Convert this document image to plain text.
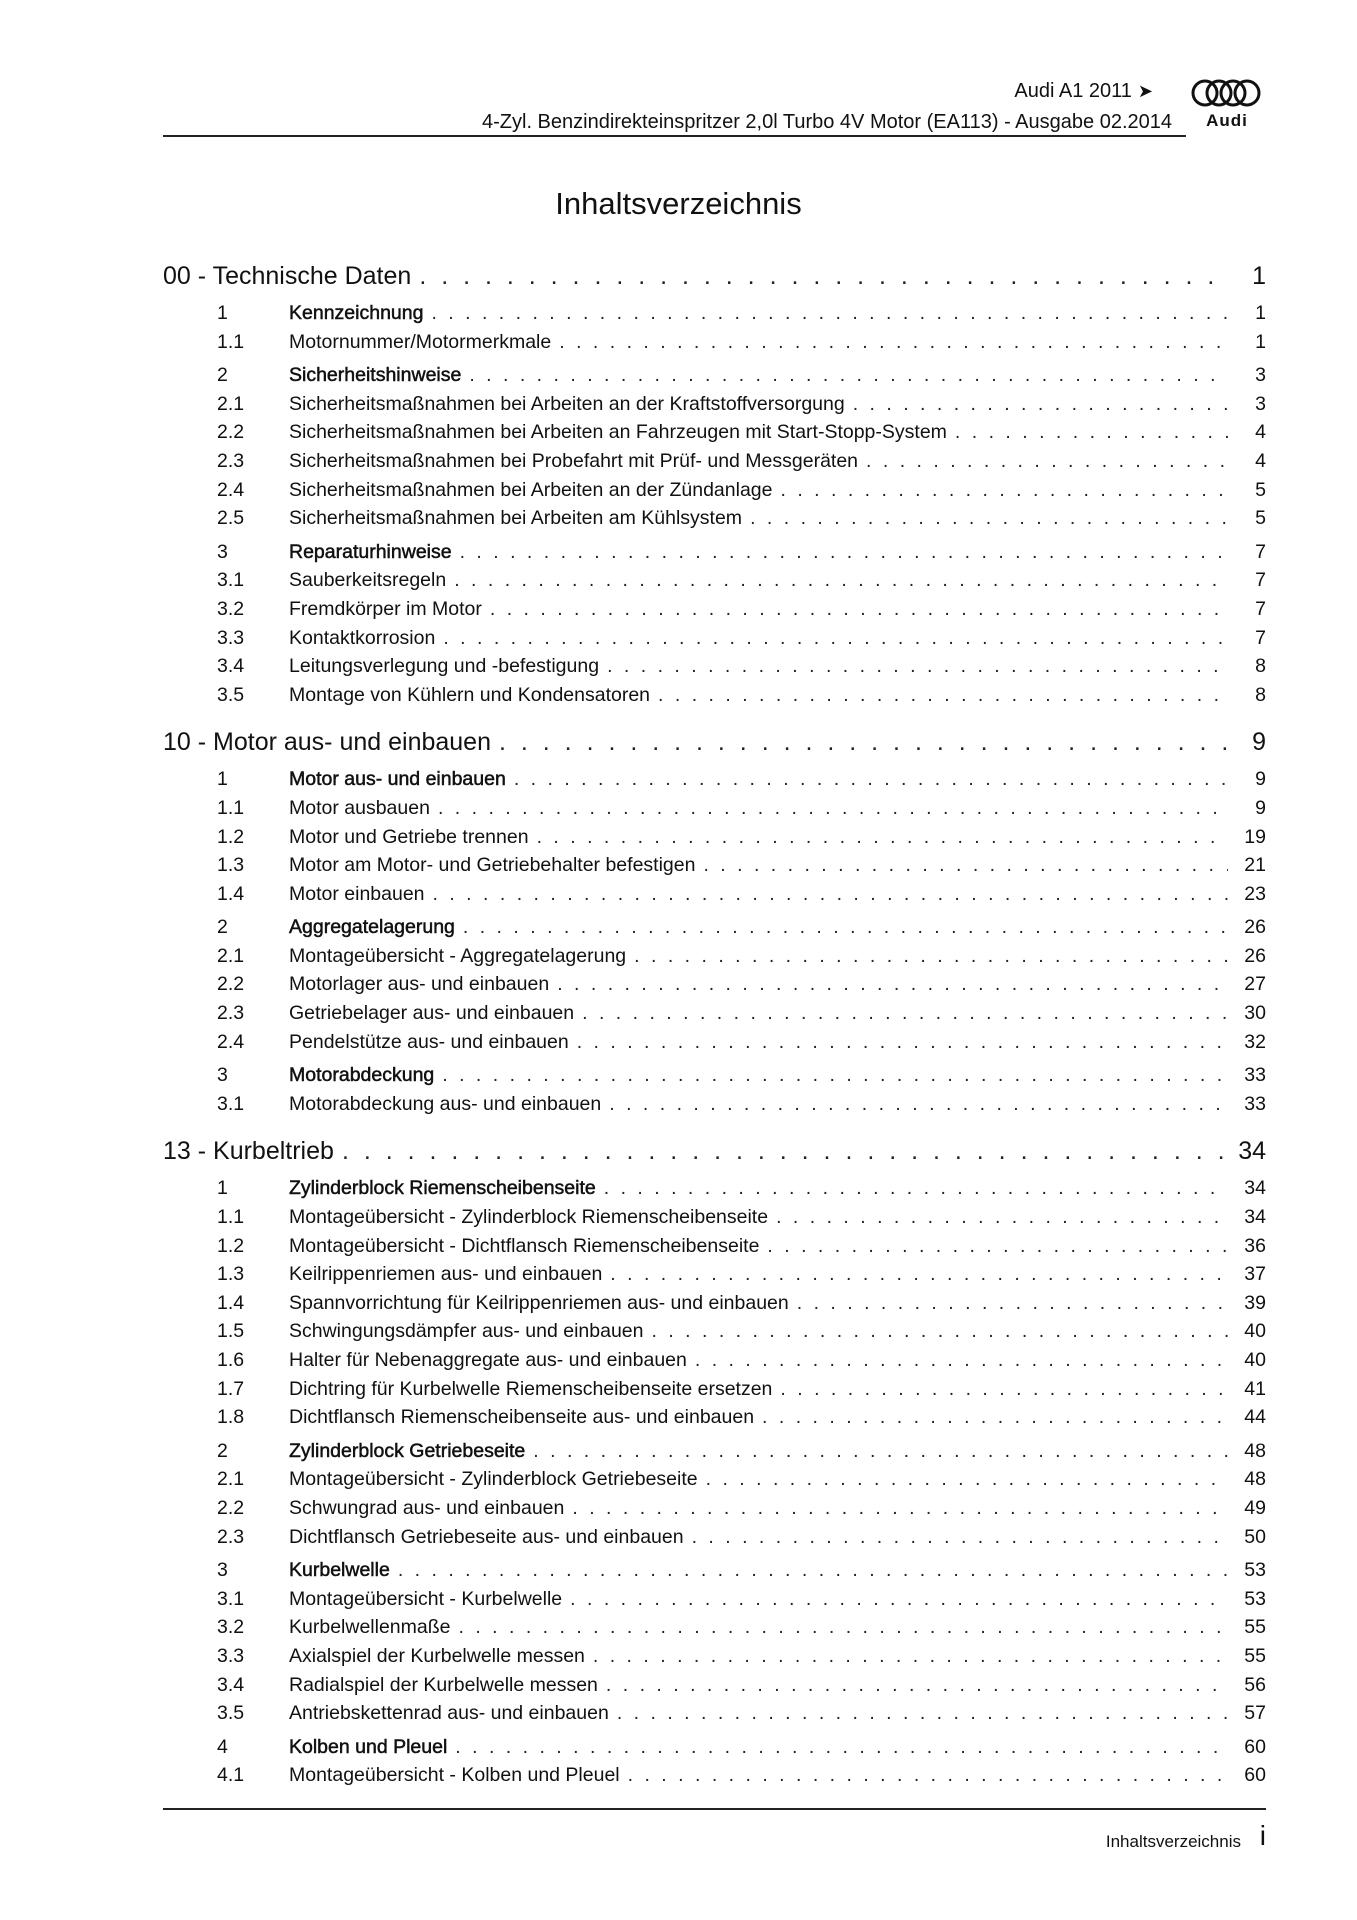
Audi A1 2011 ➤
4-Zyl. Benzindirekteinspritzer 2,0l Turbo 4V Motor (EA113) - Ausgabe 02.2014	Audi
Inhaltsverzeichnis
00 - Technische Daten . . .	1
1	Kennzeichnung . . .	1
1.1	Motornummer/Motormerkmale . . .	1
2	Sicherheitshinweise . . .	3
2.1	Sicherheitsmaßnahmen bei Arbeiten an der Kraftstoffversorgung . . .	3
2.2	Sicherheitsmaßnahmen bei Arbeiten an Fahrzeugen mit Start-Stopp-System . . .	4
2.3	Sicherheitsmaßnahmen bei Probefahrt mit Prüf- und Messgeräten . . .	4
2.4	Sicherheitsmaßnahmen bei Arbeiten an der Zündanlage . . .	5
2.5	Sicherheitsmaßnahmen bei Arbeiten am Kühlsystem . . .	5
3	Reparaturhinweise . . .	7
3.1	Sauberkeitsregeln . . .	7
3.2	Fremdkörper im Motor . . .	7
3.3	Kontaktkorrosion . . .	7
3.4	Leitungsverlegung und -befestigung . . .	8
3.5	Montage von Kühlern und Kondensatoren . . .	8
10 - Motor aus- und einbauen . . .	9
1	Motor aus- und einbauen . . .	9
1.1	Motor ausbauen . . .	9
1.2	Motor und Getriebe trennen . . .	19
1.3	Motor am Motor- und Getriebehalter befestigen . . .	21
1.4	Motor einbauen . . .	23
2	Aggregatelagerung . . .	26
2.1	Montageübersicht - Aggregatelagerung . . .	26
2.2	Motorlager aus- und einbauen . . .	27
2.3	Getriebelager aus- und einbauen . . .	30
2.4	Pendelstütze aus- und einbauen . . .	32
3	Motorabdeckung . . .	33
3.1	Motorabdeckung aus- und einbauen . . .	33
13 - Kurbeltrieb . . .	34
1	Zylinderblock Riemenscheibenseite . . .	34
1.1	Montageübersicht - Zylinderblock Riemenscheibenseite . . .	34
1.2	Montageübersicht - Dichtflansch Riemenscheibenseite . . .	36
1.3	Keilrippenriemen aus- und einbauen . . .	37
1.4	Spannvorrichtung für Keilrippenriemen aus- und einbauen . . .	39
1.5	Schwingungsdämpfer aus- und einbauen . . .	40
1.6	Halter für Nebenaggregate aus- und einbauen . . .	40
1.7	Dichtring für Kurbelwelle Riemenscheibenseite ersetzen . . .	41
1.8	Dichtflansch Riemenscheibenseite aus- und einbauen . . .	44
2	Zylinderblock Getriebeseite . . .	48
2.1	Montageübersicht - Zylinderblock Getriebeseite . . .	48
2.2	Schwungrad aus- und einbauen . . .	49
2.3	Dichtflansch Getriebeseite aus- und einbauen . . .	50
3	Kurbelwelle . . .	53
3.1	Montageübersicht - Kurbelwelle . . .	53
3.2	Kurbelwellenmaße . . .	55
3.3	Axialspiel der Kurbelwelle messen . . .	55
3.4	Radialspiel der Kurbelwelle messen . . .	56
3.5	Antriebskettenrad aus- und einbauen . . .	57
4	Kolben und Pleuel . . .	60
4.1	Montageübersicht - Kolben und Pleuel . . .	60
Inhaltsverzeichnis i
